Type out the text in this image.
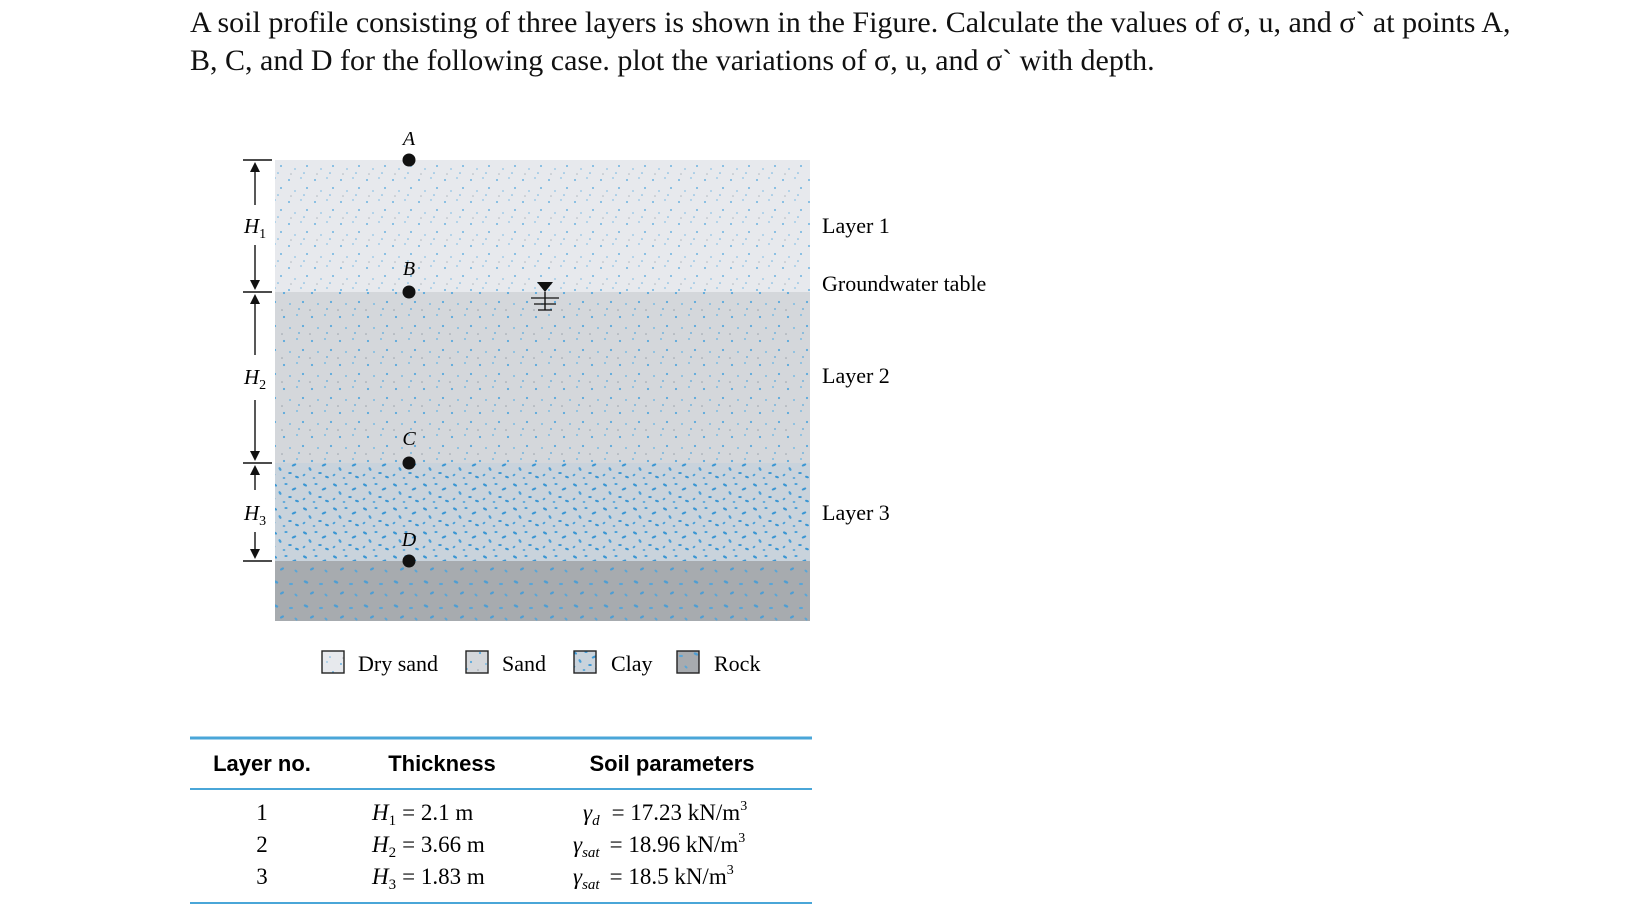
A soil profile consisting of three layers is shown in the Figure. Calculate the values of σ, u, and σ` at points A,

B, C, and D for the following case. plot the variations of σ, u, and σ` with depth.

A
B
C
D
$H_1$
$H_2$
$H_3$
Layer 1
Groundwater table
Layer 2
Layer 3
Dry sand	Sand	Clay	Rock
Layer no.	Thickness	Soil parameters
1	$H_1 = 2.1$ m	$\gamma_d = 17.23$ $kN/m^3$
2	$H_2 = 3.66$ m	$\gamma_{sat} = 18.96$ $kN/m^3$
3	$H_3 = 1.83$ m	$\gamma_{sat} = 18.5$ $kN/m^3$
